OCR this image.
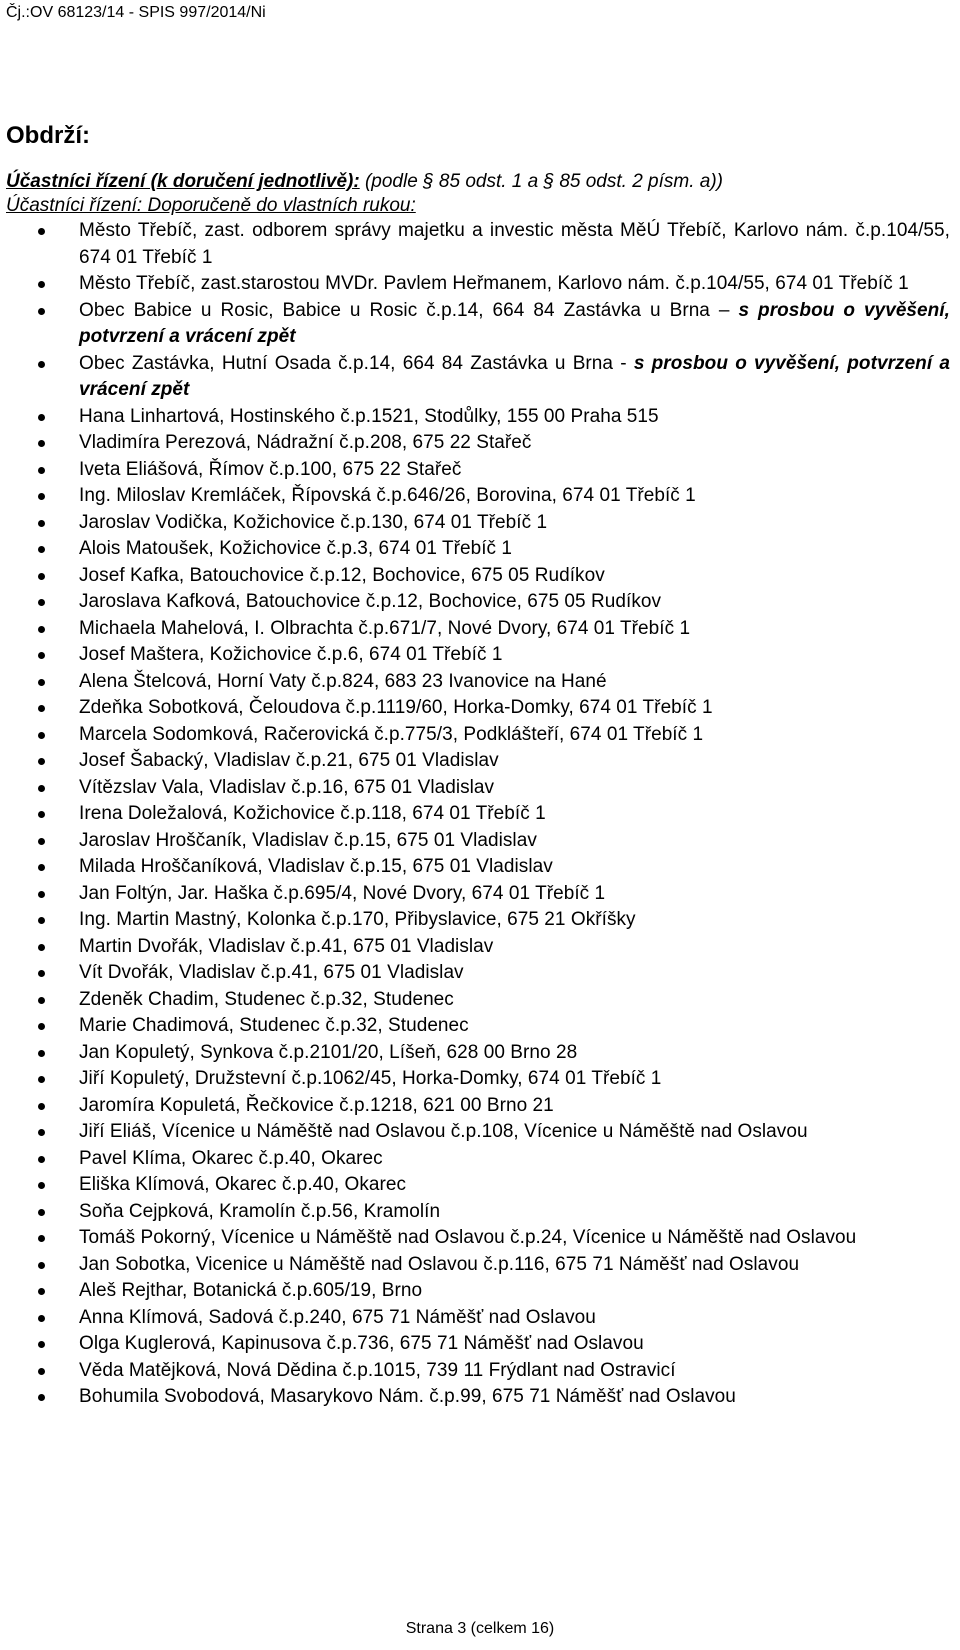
Čj.:OV 68123/14 - SPIS 997/2014/Ni
Obdrží:
Účastníci řízení (k doručení jednotlivě): (podle § 85 odst. 1 a § 85 odst. 2 písm. a))
Účastníci řízení: Doporučeně do vlastních rukou:
Město Třebíč, zast. odborem správy majetku a investic města MěÚ Třebíč, Karlovo nám. č.p.104/55, 674 01 Třebíč 1
Město Třebíč, zast.starostou MVDr. Pavlem Heřmanem, Karlovo nám. č.p.104/55, 674 01 Třebíč 1
Obec Babice u Rosic, Babice u Rosic č.p.14, 664 84 Zastávka u Brna – s prosbou o vyvěšení, potvrzení a vrácení zpět
Obec Zastávka, Hutní Osada č.p.14, 664 84 Zastávka u Brna - s prosbou o vyvěšení, potvrzení a vrácení zpět
Hana Linhartová, Hostinského č.p.1521, Stodůlky, 155 00 Praha 515
Vladimíra Perezová, Nádražní č.p.208, 675 22 Stařeč
Iveta Eliášová, Římov č.p.100, 675 22 Stařeč
Ing. Miloslav Kremláček, Řípovská č.p.646/26, Borovina, 674 01 Třebíč 1
Jaroslav Vodička, Kožichovice č.p.130, 674 01 Třebíč 1
Alois Matoušek, Kožichovice č.p.3, 674 01 Třebíč 1
Josef Kafka, Batouchovice č.p.12, Bochovice, 675 05 Rudíkov
Jaroslava Kafková, Batouchovice č.p.12, Bochovice, 675 05 Rudíkov
Michaela Mahelová, I. Olbrachta č.p.671/7, Nové Dvory, 674 01 Třebíč 1
Josef Maštera, Kožichovice č.p.6, 674 01 Třebíč 1
Alena Štelcová, Horní Vaty č.p.824, 683 23 Ivanovice na Hané
Zdeňka Sobotková, Čeloudova č.p.1119/60, Horka-Domky, 674 01 Třebíč 1
Marcela Sodomková, Račerovická č.p.775/3, Podklášteří, 674 01 Třebíč 1
Josef Šabacký, Vladislav č.p.21, 675 01 Vladislav
Vítězslav Vala, Vladislav č.p.16, 675 01 Vladislav
Irena Doležalová, Kožichovice č.p.118, 674 01 Třebíč 1
Jaroslav Hroščaník, Vladislav č.p.15, 675 01 Vladislav
Milada Hroščaníková, Vladislav č.p.15, 675 01 Vladislav
Jan Foltýn, Jar. Haška č.p.695/4, Nové Dvory, 674 01 Třebíč 1
Ing. Martin Mastný, Kolonka č.p.170, Přibyslavice, 675 21 Okříšky
Martin Dvořák, Vladislav č.p.41, 675 01 Vladislav
Vít Dvořák, Vladislav č.p.41, 675 01 Vladislav
Zdeněk Chadim, Studenec č.p.32, Studenec
Marie Chadimová, Studenec č.p.32, Studenec
Jan Kopuletý, Synkova č.p.2101/20, Líšeň, 628 00 Brno 28
Jiří Kopuletý, Družstevní č.p.1062/45, Horka-Domky, 674 01 Třebíč 1
Jaromíra Kopuletá, Řečkovice č.p.1218, 621 00 Brno 21
Jiří Eliáš, Vícenice u Náměště nad Oslavou č.p.108, Vícenice u Náměště nad Oslavou
Pavel Klíma, Okarec č.p.40, Okarec
Eliška Klímová, Okarec č.p.40, Okarec
Soňa Cejpková, Kramolín č.p.56, Kramolín
Tomáš Pokorný, Vícenice u Náměště nad Oslavou č.p.24, Vícenice u Náměště nad Oslavou
Jan Sobotka, Vicenice u Náměště nad Oslavou č.p.116, 675 71 Náměšť nad Oslavou
Aleš Rejthar, Botanická č.p.605/19, Brno
Anna Klímová, Sadová č.p.240, 675 71 Náměšť nad Oslavou
Olga Kuglerová, Kapinusova č.p.736, 675 71 Náměšť nad Oslavou
Věda Matějková, Nová Dědina č.p.1015, 739 11 Frýdlant nad Ostravicí
Bohumila Svobodová, Masarykovo Nám. č.p.99, 675 71 Náměšť nad Oslavou
Strana 3 (celkem 16)
